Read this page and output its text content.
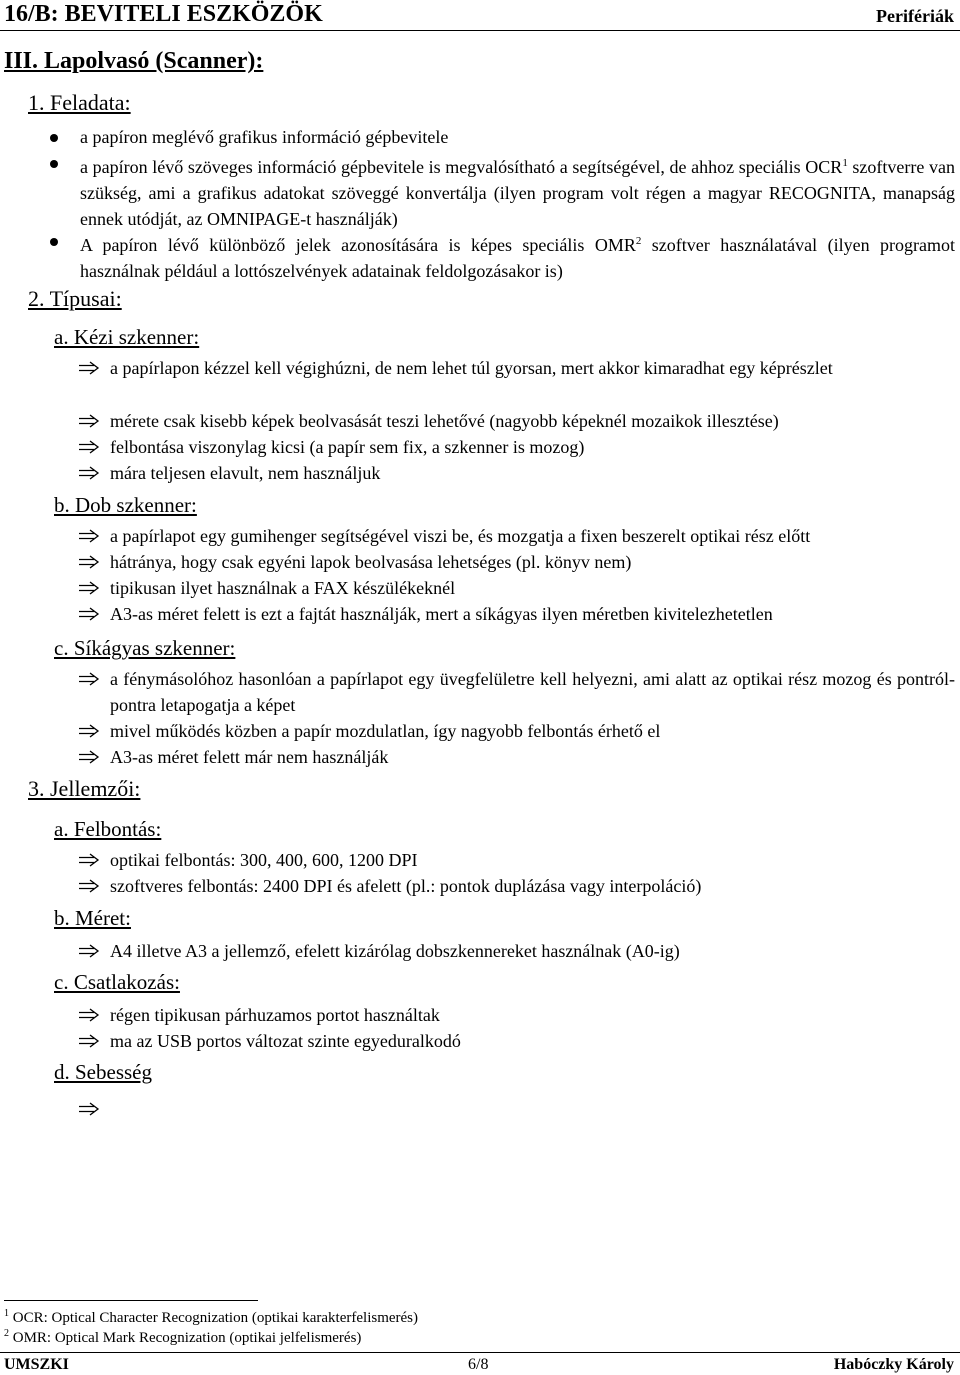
16/B: BEVITELI ESZKÖZÖK	Perifériák
III. Lapolvasó (Scanner):
1. Feladata:
a papíron meglévő grafikus információ gépbevitele
a papíron lévő szöveges információ gépbevitele is megvalósítható a segítségével, de ahhoz speciális OCR$^1$ szoftverre van szükség, ami a grafikus adatokat szöveggé konvertálja (ilyen program volt régen a magyar RECOGNITA, manapság ennek utódját, az OMNIPAGE-t használják)
A papíron lévő különböző jelek azonosítására is képes speciális OMR$^2$ szoftver használatával (ilyen programot használnak például a lottószelvények adatainak feldolgozásakor is)
2. Típusai:
a. Kézi szkenner:
a papírlapon kézzel kell végighúzni, de nem lehet túl gyorsan, mert akkor kimaradhat egy képrészlet
mérete csak kisebb képek beolvasását teszi lehetővé (nagyobb képeknél mozaikok illesztése)
felbontása viszonylag kicsi (a papír sem fix, a szkenner is mozog)
mára teljesen elavult, nem használjuk
b. Dob szkenner:
a papírlapot egy gumihenger segítségével viszi be, és mozgatja a fixen beszerelt optikai rész előtt
hátránya, hogy csak egyéni lapok beolvasása lehetséges (pl. könyv nem)
tipikusan ilyet használnak a FAX készülékeknél
A3-as méret felett is ezt a fajtát használják, mert a síkágyas ilyen méretben kivitelezhetetlen
c. Síkágyas szkenner:
a fénymásolóhoz hasonlóan a papírlapot egy üvegfelületre kell helyezni, ami alatt az optikai rész mozog és pontról-pontra letapogatja a képet
mivel működés közben a papír mozdulatlan, így nagyobb felbontás érhető el
A3-as méret felett már nem használják
3. Jellemzői:
a. Felbontás:
optikai felbontás: 300, 400, 600, 1200 DPI
szoftveres felbontás: 2400 DPI és afelett (pl.: pontok duplázása vagy interpoláció)
b. Méret:
A4 illetve A3 a jellemző, efelett kizárólag dobszkennereket használnak (A0-ig)
c. Csatlakozás:
régen tipikusan párhuzamos portot használtak
ma az USB portos változat szinte egyeduralkodó
d. Sebesség
$^1$ OCR: Optical Character Recognization (optikai karakterfelismerés)
$^2$ OMR: Optical Mark Recognization (optikai jelfelismerés)
UMSZKI	6/8	Habóczky Károly
